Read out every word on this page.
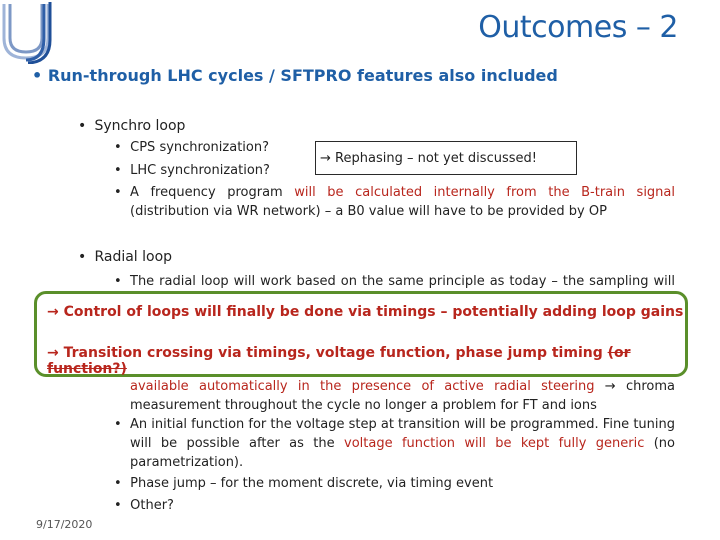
Outcomes – 2
• Run-through LHC cycles / SFTPRO features also included
• Synchro loop
• CPS synchronization?
• LHC synchronization?
• A frequency program will be calculated internally from the B-train signal
(distribution via WR network) – a B0 value will have to be provided by OP
→ Rephasing – not yet discussed!
• Radial loop
• The radial loop will work based on the same principle as today – the sampling will
→ Control of loops will finally be done via timings – potentially adding loop gains
→ Transition crossing via timings, voltage function, phase jump timing (or function?)
available automatically in the presence of active radial steering → chroma
measurement throughout the cycle no longer a problem for FT and ions
• An initial function for the voltage step at transition will be programmed. Fine tuning
will be possible after as the voltage function will be kept fully generic (no
parametrization).
• Phase jump – for the moment discrete, via timing event
• Other?
9/17/2020
